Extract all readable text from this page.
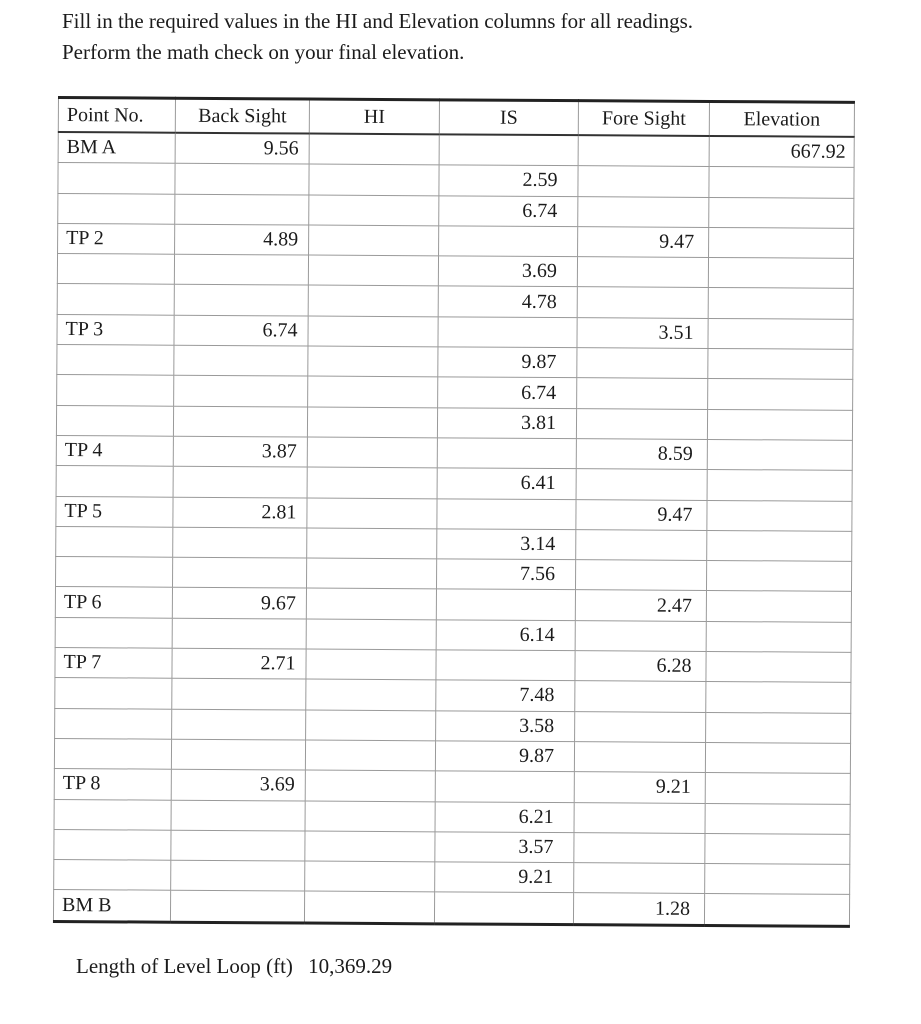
Fill in the required values in the HI and Elevation columns for all readings.
Perform the math check on your final elevation.
Point No.	Back Sight	HI	IS	Fore Sight	Elevation
BM A	9.56				667.92
			2.59		
			6.74		
TP 2	4.89			9.47	
			3.69		
			4.78		
TP 3	6.74			3.51	
			9.87		
			6.74		
			3.81		
TP 4	3.87			8.59	
			6.41		
TP 5	2.81			9.47	
			3.14		
			7.56		
TP 6	9.67			2.47	
			6.14		
TP 7	2.71			6.28	
			7.48		
			3.58		
			9.87		
TP 8	3.69			9.21	
			6.21		
			3.57		
			9.21		
BM B				1.28	
Length of Level Loop (ft) 10,369.29
